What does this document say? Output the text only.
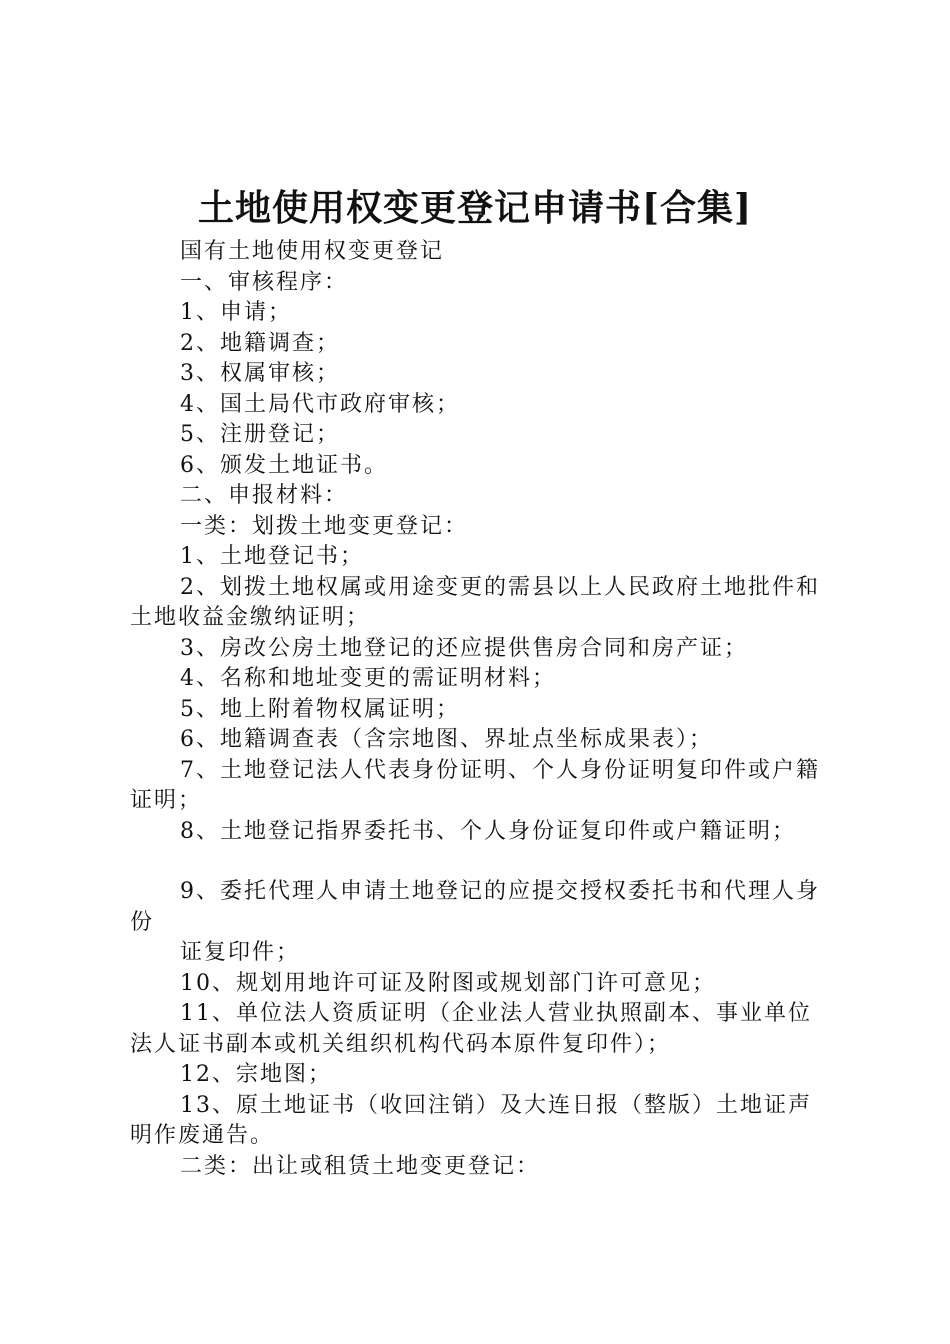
土地使用权变更登记申请书[合集]

国有土地使用权变更登记

一、审核程序：

1、申请；

2、地籍调查；

3、权属审核；

4、国土局代市政府审核；

5、注册登记；

6、颁发土地证书。

二、申报材料：

一类：划拨土地变更登记：

1、土地登记书；

2、划拨土地权属或用途变更的需县以上人民政府土地批件和土地收益金缴纳证明；

3、房改公房土地登记的还应提供售房合同和房产证；

4、名称和地址变更的需证明材料；

5、地上附着物权属证明；

6、地籍调查表（含宗地图、界址点坐标成果表）；

7、土地登记法人代表身份证明、个人身份证明复印件或户籍证明；

8、土地登记指界委托书、个人身份证复印件或户籍证明；

9、委托代理人申请土地登记的应提交授权委托书和代理人身份

证复印件；

10、规划用地许可证及附图或规划部门许可意见；

11、单位法人资质证明（企业法人营业执照副本、事业单位法人证书副本或机关组织机构代码本原件复印件）；

12、宗地图；

13、原土地证书（收回注销）及大连日报（整版）土地证声明作废通告。

二类：出让或租赁土地变更登记：
